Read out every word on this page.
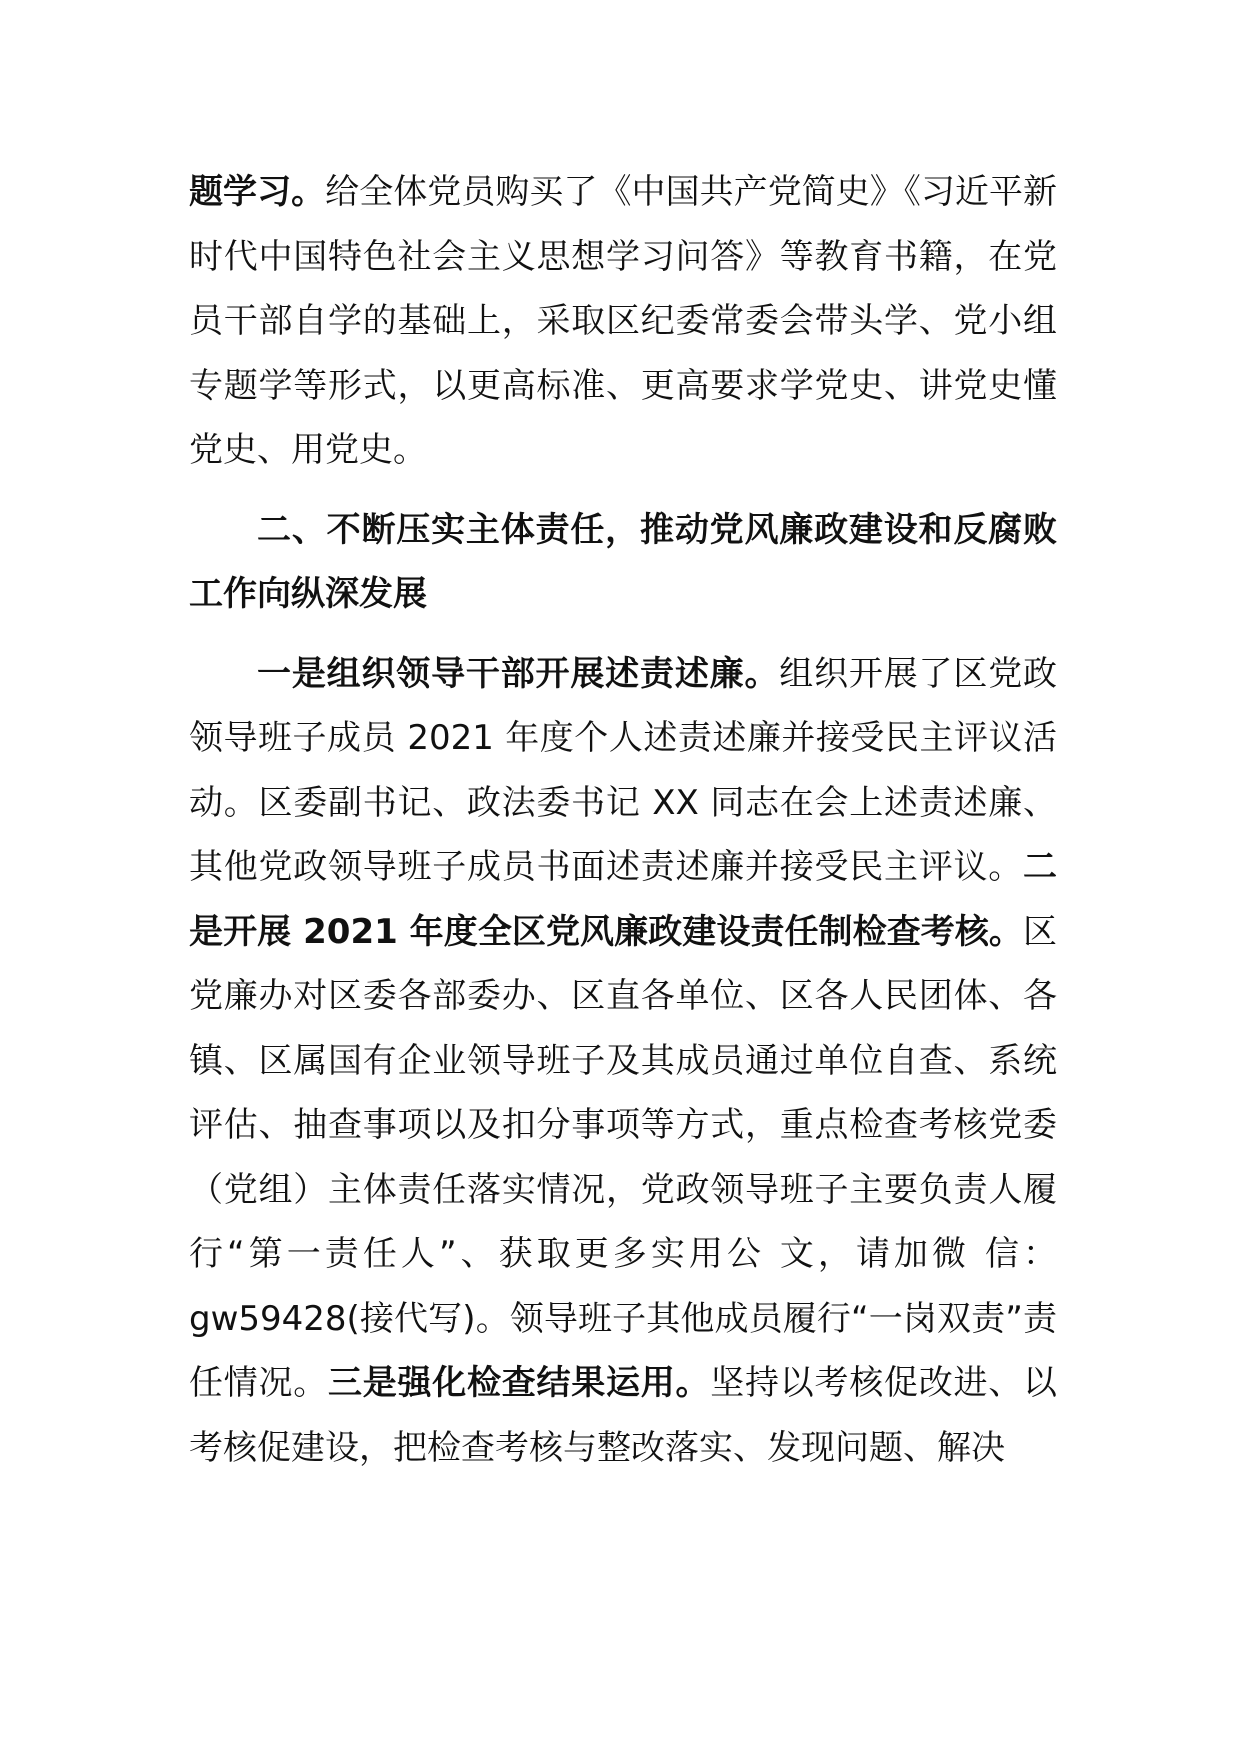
题学习。给全体党员购买了《中国共产党简史》《习近平新时代中国特色社会主义思想学习问答》等教育书籍，在党员干部自学的基础上，采取区纪委常委会带头学、党小组专题学等形式，以更高标准、更高要求学党史、讲党史懂党史、用党史。

二、不断压实主体责任，推动党风廉政建设和反腐败工作向纵深发展

一是组织领导干部开展述责述廉。组织开展了区党政领导班子成员 2021 年度个人述责述廉并接受民主评议活动。区委副书记、政法委书记 XX 同志在会上述责述廉、其他党政领导班子成员书面述责述廉并接受民主评议。二是开展 2021 年度全区党风廉政建设责任制检查考核。区党廉办对区委各部委办、区直各单位、区各人民团体、各镇、区属国有企业领导班子及其成员通过单位自查、系统评估、抽查事项以及扣分事项等方式，重点检查考核党委（党组）主体责任落实情况，党政领导班子主要负责人履行“第一责任人”、获取更多实用公 文，请加微 信：gw59428(接代写)。领导班子其他成员履行“一岗双责”责任情况。三是强化检查结果运用。坚持以考核促改进、以考核促建设，把检查考核与整改落实、发现问题、解决
